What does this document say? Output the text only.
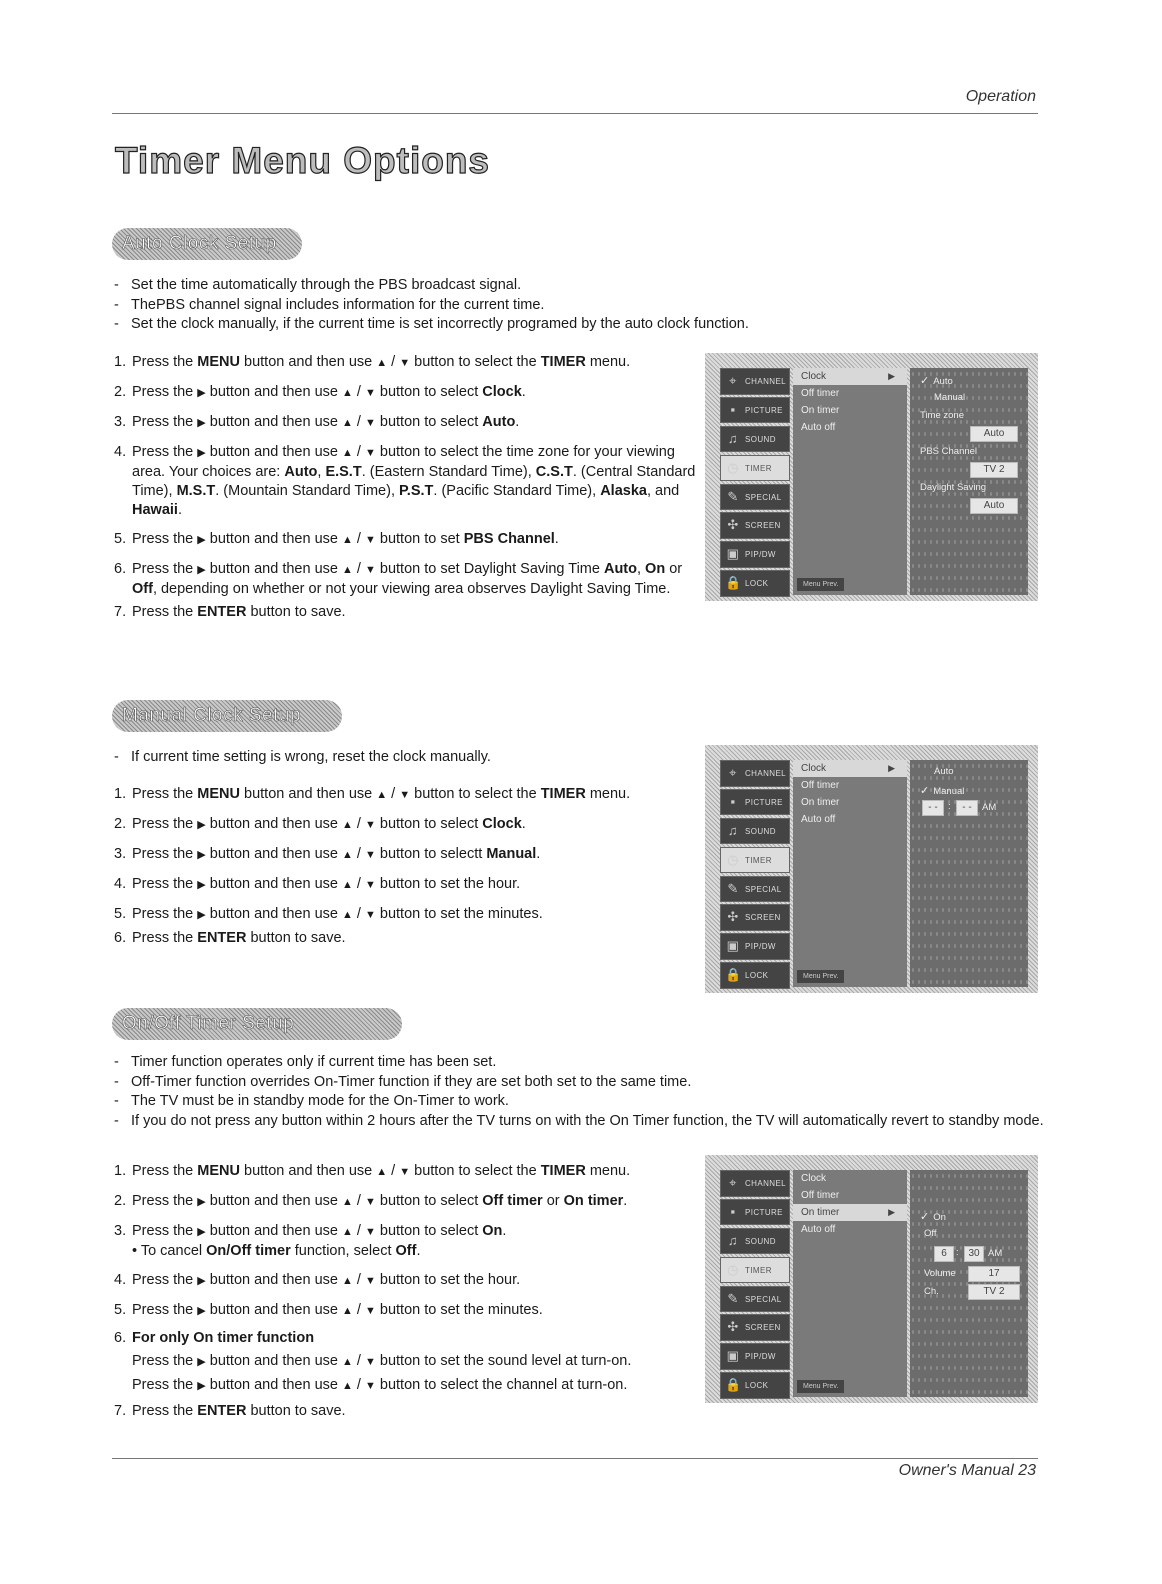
Operation
Timer Menu Options
Auto Clock Setup
- Set the time automatically through the PBS broadcast signal.
- ThePBS channel signal includes information for the current time.
- Set the clock manually, if the current time is set incorrectly programed by the auto clock function.
1. Press the MENU button and then use ▲ / ▼ button to select the TIMER menu.
2. Press the ▶ button and then use ▲ / ▼ button to select Clock.
3. Press the ▶ button and then use ▲ / ▼ button to select Auto.
4. Press the ▶ button and then use ▲ / ▼ button to select the time zone for your viewing area. Your choices are: Auto, E.S.T. (Eastern Standard Time), C.S.T. (Central Standard Time), M.S.T. (Mountain Standard Time), P.S.T. (Pacific Standard Time), Alaska, and Hawaii.
5. Press the ▶ button and then use ▲ / ▼ button to set PBS Channel.
6. Press the ▶ button and then use ▲ / ▼ button to set Daylight Saving Time Auto, On or Off, depending on whether or not your viewing area observes Daylight Saving Time.
7. Press the ENTER button to save.
⌖	CHANNEL
▪	PICTURE
♫ SOUND
◷ TIMER
✎ SPECIAL
✣ SCREEN
▣ PIP/DW
🔒 LOCK
Clock	▶
Off timer
On timer
Auto off
Menu Prev.
✓ Auto
Manual
Time zone
Auto
PBS Channel
TV 2
Daylight Saving
Auto
Manual Clock Setup
- If current time setting is wrong, reset the clock manually.
1. Press the MENU button and then use ▲ / ▼ button to select the TIMER menu.
2. Press the ▶ button and then use ▲ / ▼ button to select Clock.
3. Press the ▶ button and then use ▲ / ▼ button to selectt Manual.
4. Press the ▶ button and then use ▲ / ▼ button to set the hour.
5. Press the ▶ button and then use ▲ / ▼ button to set the minutes.
6. Press the ENTER button to save.
⌖	CHANNEL
▪	PICTURE
♫ SOUND
◷ TIMER
✎ SPECIAL
✣ SCREEN
▣ PIP/DW
🔒 LOCK
Clock	▶
Off timer
On timer
Auto off
Menu Prev.
Auto
✓ Manual
- -	:	- -	AM
On/Off Timer Setup
- Timer function operates only if current time has been set.
- Off-Timer function overrides On-Timer function if they are set both set to the same time.
- The TV must be in standby mode for the On-Timer to work.
- If you do not press any button within 2 hours after the TV turns on with the On Timer function, the TV will automatically revert to standby mode.
1. Press the MENU button and then use ▲ / ▼ button to select the TIMER menu.
2. Press the ▶ button and then use ▲ / ▼ button to select Off timer or On timer.
3. Press the ▶ button and then use ▲ / ▼ button to select On.
• To cancel On/Off timer function, select Off.
4. Press the ▶ button and then use ▲ / ▼ button to set the hour.
5. Press the ▶ button and then use ▲ / ▼ button to set the minutes.
6. For only On timer function
Press the ▶ button and then use ▲ / ▼ button to set the sound level at turn-on.
Press the ▶ button and then use ▲ / ▼ button to select the channel at turn-on.
7. Press the ENTER button to save.
⌖	CHANNEL
▪	PICTURE
♫ SOUND
◷ TIMER
✎ SPECIAL
✣ SCREEN
▣ PIP/DW
🔒 LOCK
Clock
Off timer
On timer	▶
Auto off
Menu Prev.
✓ On
Off
6 : 30 AM
Volume	17
Ch.	TV 2
Owner's Manual 23
